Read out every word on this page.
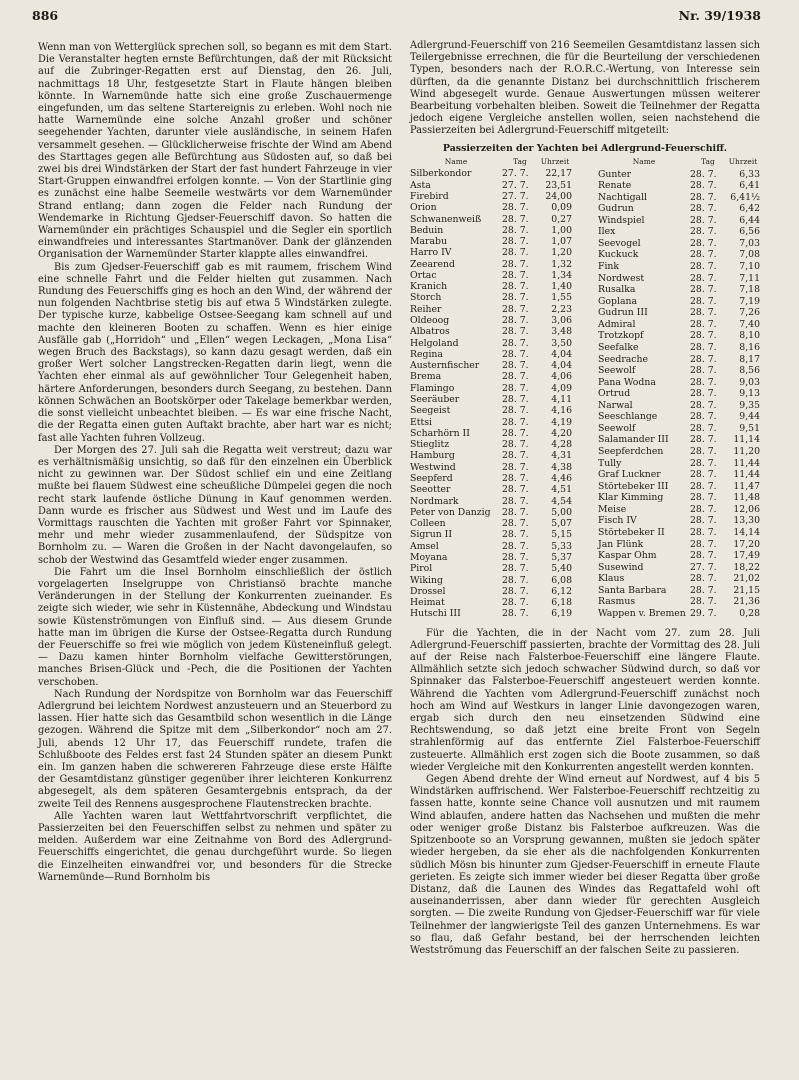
886	Nr. 39/1938

Wenn man von Wetterglück sprechen soll, so begann es mit dem Start. Die Veranstalter hegten ernste Befürchtungen, daß der mit Rücksicht auf die Zubringer-Regatten erst auf Dienstag, den 26. Juli, nachmittags 18 Uhr, festgesetzte Start in Flaute hängen bleiben könnte. In Warnemünde hatte sich eine große Zuschauermenge eingefunden, um das seltene Startereignis zu erleben. Wohl noch nie hatte Warnemünde eine solche Anzahl großer und schöner seegehender Yachten, darunter viele ausländische, in seinem Hafen versammelt gesehen. — Glücklicherweise frischte der Wind am Abend des Starttages gegen alle Befürchtung aus Südosten auf, so daß bei zwei bis drei Windstärken der Start der fast hundert Fahrzeuge in vier Start-Gruppen einwandfrei erfolgen konnte. — Von der Startlinie ging es zunächst eine halbe Seemeile westwärts vor dem Warnemünder Strand entlang; dann zogen die Felder nach Rundung der Wendemarke in Richtung Gjedser-Feuerschiff davon. So hatten die Warnemünder ein prächtiges Schauspiel und die Segler ein sportlich einwandfreies und interessantes Startmanöver. Dank der glänzenden Organisation der Warnemünder Starter klappte alles einwandfrei.

Bis zum Gjedser-Feuerschiff gab es mit raumem, frischem Wind eine schnelle Fahrt und die Felder hielten gut zusammen. Nach Rundung des Feuerschiffs ging es hoch an den Wind, der während der nun folgenden Nachtbrise stetig bis auf etwa 5 Windstärken zulegte. Der typische kurze, kabbelige Ostsee-Seegang kam schnell auf und machte den kleineren Booten zu schaffen. Wenn es hier einige Ausfälle gab („Horridoh“ und „Ellen“ wegen Leckagen, „Mona Lisa“ wegen Bruch des Backstags), so kann dazu gesagt werden, daß ein großer Wert solcher Langstrecken-Regatten darin liegt, wenn die Yachten eher einmal als auf gewöhnlicher Tour Gelegenheit haben, härtere Anforderungen, besonders durch Seegang, zu bestehen. Dann können Schwächen an Bootskörper oder Takelage bemerkbar werden, die sonst vielleicht unbeachtet bleiben. — Es war eine frische Nacht, die der Regatta einen guten Auftakt brachte, aber hart war es nicht; fast alle Yachten fuhren Vollzeug.

Der Morgen des 27. Juli sah die Regatta weit verstreut; dazu war es verhältnismäßig unsichtig, so daß für den einzelnen ein Überblick nicht zu gewinnen war. Der Südost schlief ein und eine Zeitlang mußte bei flauem Südwest eine scheußliche Dümpelei gegen die noch recht stark laufende östliche Dünung in Kauf genommen werden. Dann wurde es frischer aus Südwest und West und im Laufe des Vormittags rauschten die Yachten mit großer Fahrt vor Spinnaker, mehr und mehr wieder zusammenlaufend, der Südspitze von Bornholm zu. — Waren die Großen in der Nacht davongelaufen, so schob der Westwind das Gesamtfeld wieder enger zusammen.

Die Fahrt um die Insel Bornholm einschließlich der östlich vorgelagerten Inselgruppe von Christiansö brachte manche Veränderungen in der Stellung der Konkurrenten zueinander. Es zeigte sich wieder, wie sehr in Küstennähe, Abdeckung und Windstau sowie Küstenströmungen von Einfluß sind. — Aus diesem Grunde hatte man im übrigen die Kurse der Ostsee-Regatta durch Rundung der Feuerschiffe so frei wie möglich von jedem Küsteneinfluß gelegt. — Dazu kamen hinter Bornholm vielfache Gewitterstörungen, manches Brisen-Glück und -Pech, die die Positionen der Yachten verschoben.

Nach Rundung der Nordspitze von Bornholm war das Feuerschiff Adlergrund bei leichtem Nordwest anzusteuern und an Steuerbord zu lassen. Hier hatte sich das Gesamtbild schon wesentlich in die Länge gezogen. Während die Spitze mit dem „Silberkondor“ noch am 27. Juli, abends 12 Uhr 17, das Feuerschiff rundete, trafen die Schlußboote des Feldes erst fast 24 Stunden später an diesem Punkt ein. Im ganzen haben die schwereren Fahrzeuge diese erste Hälfte der Gesamtdistanz günstiger gegenüber ihrer leichteren Konkurrenz abgesegelt, als dem späteren Gesamtergebnis entsprach, da der zweite Teil des Rennens ausgesprochene Flautenstrecken brachte.

Alle Yachten waren laut Wettfahrtvorschrift verpflichtet, die Passierzeiten bei den Feuerschiffen selbst zu nehmen und später zu melden. Außerdem war eine Zeitnahme von Bord des Adlergrund-Feuerschiffs eingerichtet, die genau durchgeführt wurde. So liegen die Einzelheiten einwandfrei vor, und besonders für die Strecke Warnemünde—Rund Bornholm bis

Adlergrund-Feuerschiff von 216 Seemeilen Gesamtdistanz lassen sich Teilergebnisse errechnen, die für die Beurteilung der verschiedenen Typen, besonders nach der R.O.R.C.-Wertung, von Interesse sein dürften, da die genannte Distanz bei durchschnittlich frischerem Wind abgesegelt wurde. Genaue Auswertungen müssen weiterer Bearbeitung vorbehalten bleiben. Soweit die Teilnehmer der Regatta jedoch eigene Vergleiche anstellen wollen, seien nachstehend die Passierzeiten bei Adlergrund-Feuerschiff mitgeteilt:

Passierzeiten der Yachten bei Adlergrund-Feuerschiff.
Name	Tag	Uhrzeit
Silberkondor	27. 7.	22,17
Asta	27. 7.	23,51
Firebird	27. 7.	24,00
Orion	28. 7.	0,09
Schwanenweiß	28. 7.	0,27
Beduin	28. 7.	1,00
Marabu	28. 7.	1,07
Harro IV	28. 7.	1,20
Zeearend	28. 7.	1,32
Ortac	28. 7.	1,34
Kranich	28. 7.	1,40
Storch	28. 7.	1,55
Reiher	28. 7.	2,23
Oldeoog	28. 7.	3,06
Albatros	28. 7.	3,48
Helgoland	28. 7.	3,50
Regina	28. 7.	4,04
Austernfischer	28. 7.	4,04
Brema	28. 7.	4,06
Flamingo	28. 7.	4,09
Seeräuber	28. 7.	4,11
Seegeist	28. 7.	4,16
Ettsi	28. 7.	4,19
Scharhörn II	28. 7.	4,20
Stieglitz	28. 7.	4,28
Hamburg	28. 7.	4,31
Westwind	28. 7.	4,38
Seepferd	28. 7.	4,46
Seeotter	28. 7.	4,51
Nordmark	28. 7.	4,54
Peter von Danzig	28. 7.	5,00
Colleen	28. 7.	5,07
Sigrun II	28. 7.	5,15
Amsel	28. 7.	5,33
Moyana	28. 7.	5,37
Pirol	28. 7.	5,40
Wiking	28. 7.	6,08
Drossel	28. 7.	6,12
Heimat	28. 7.	6,18
Hutschi III	28. 7.	6,19
Name	Tag	Uhrzeit
Gunter	28. 7.	6,33
Renate	28. 7.	6,41
Nachtigall	28. 7.	6,41½
Gudrun	28. 7.	6,42
Windspiel	28. 7.	6,44
Ilex	28. 7.	6,56
Seevogel	28. 7.	7,03
Kuckuck	28. 7.	7,08
Fink	28. 7.	7,10
Nordwest	28. 7.	7,11
Rusalka	28. 7.	7,18
Goplana	28. 7.	7,19
Gudrun III	28. 7.	7,26
Admiral	28. 7.	7,40
Trotzkopf	28. 7.	8,10
Seefalke	28. 7.	8,16
Seedrache	28. 7.	8,17
Seewolf	28. 7.	8,56
Pana Wodna	28. 7.	9,03
Ortrud	28. 7.	9,13
Narwal	28. 7.	9,35
Seeschlange	28. 7.	9,44
Seewolf	28. 7.	9,51
Salamander III	28. 7.	11,14
Seepferdchen	28. 7.	11,20
Tully	28. 7.	11,44
Graf Luckner	28. 7.	11,44
Störtebeker III	28. 7.	11,47
Klar Kimming	28. 7.	11,48
Meise	28. 7.	12,06
Fisch IV	28. 7.	13,30
Störtebeker II	28. 7.	14,14
Jan Flünk	28. 7.	17,20
Kaspar Ohm	28. 7.	17,49
Susewind	27. 7.	18,22
Klaus	28. 7.	21,02
Santa Barbara	28. 7.	21,15
Rasmus	28. 7.	21,36
Wappen v. Bremen	29. 7.	0,28

Für die Yachten, die in der Nacht vom 27. zum 28. Juli Adlergrund-Feuerschiff passierten, brachte der Vormittag des 28. Juli auf der Reise nach Falsterboe-Feuerschiff eine längere Flaute. Allmählich setzte sich jedoch schwacher Südwind durch, so daß vor Spinnaker das Falsterboe-Feuerschiff angesteuert werden konnte. Während die Yachten vom Adlergrund-Feuerschiff zunächst noch hoch am Wind auf Westkurs in langer Linie davongezogen waren, ergab sich durch den neu einsetzenden Südwind eine Rechtswendung, so daß jetzt eine breite Front von Segeln strahlenförmig auf das entfernte Ziel Falsterboe-Feuerschiff zusteuerte. Allmählich erst zogen sich die Boote zusammen, so daß wieder Vergleiche mit den Konkurrenten angestellt werden konnten.

Gegen Abend drehte der Wind erneut auf Nordwest, auf 4 bis 5 Windstärken auffrischend. Wer Falsterboe-Feuerschiff rechtzeitig zu fassen hatte, konnte seine Chance voll ausnutzen und mit raumem Wind ablaufen, andere hatten das Nachsehen und mußten die mehr oder weniger große Distanz bis Falsterboe aufkreuzen. Was die Spitzenboote so an Vorsprung gewannen, mußten sie jedoch später wieder hergeben, da sie eher als die nachfolgenden Konkurrenten südlich Mösn bis hinunter zum Gjedser-Feuerschiff in erneute Flaute gerieten. Es zeigte sich immer wieder bei dieser Regatta über große Distanz, daß die Launen des Windes das Regattafeld wohl oft auseinanderrissen, aber dann wieder für gerechten Ausgleich sorgten. — Die zweite Rundung von Gjedser-Feuerschiff war für viele Teilnehmer der langwierigste Teil des ganzen Unternehmens. Es war so flau, daß Gefahr bestand, bei der herrschenden leichten Westströmung das Feuerschiff an der falschen Seite zu passieren.
